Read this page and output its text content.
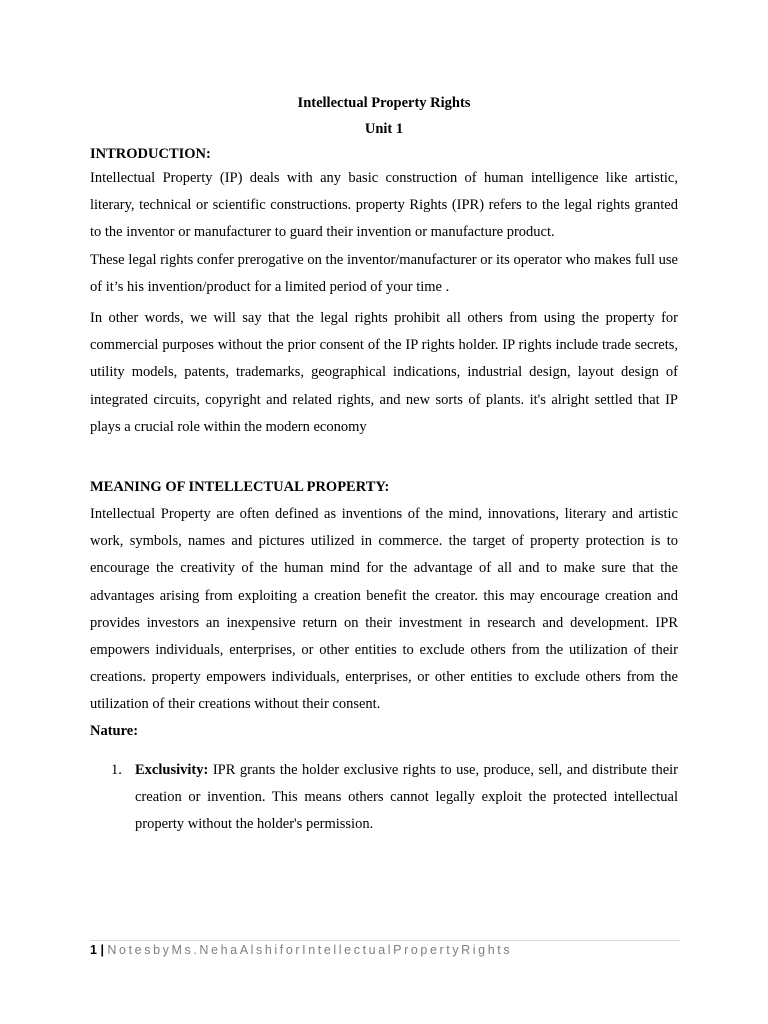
Intellectual Property Rights
Unit 1
INTRODUCTION:

Intellectual Property (IP) deals with any basic construction of human intelligence like artistic, literary, technical or scientific constructions. property Rights (IPR) refers to the legal rights granted to the inventor or manufacturer to guard their invention or manufacture product.

These legal rights confer prerogative on the inventor/manufacturer or its operator who makes full use of it’s his invention/product for a limited period of your time .

In other words, we will say that the legal rights prohibit all others from using the property for commercial purposes without the prior consent of the IP rights holder. IP rights include trade secrets, utility models, patents, trademarks, geographical indications, industrial design, layout design of integrated circuits, copyright and related rights, and new sorts of plants. it's alright settled that IP plays a crucial role within the modern economy

MEANING OF INTELLECTUAL PROPERTY:

Intellectual Property are often defined as inventions of the mind, innovations, literary and artistic work, symbols, names and pictures utilized in commerce. the target of property protection is to encourage the creativity of the human mind for the advantage of all and to make sure that the advantages arising from exploiting a creation benefit the creator. this may encourage creation and provides investors an inexpensive return on their investment in research and development. IPR empowers individuals, enterprises, or other entities to exclude others from the utilization of their creations. property empowers individuals, enterprises, or other entities to exclude others from the utilization of their creations without their consent.

Nature:
1. Exclusivity: IPR grants the holder exclusive rights to use, produce, sell, and distribute their creation or invention. This means others cannot legally exploit the protected intellectual property without the holder's permission.
1 | NotesbyMs.NehaAlshiforIntellectualPropertyRights
